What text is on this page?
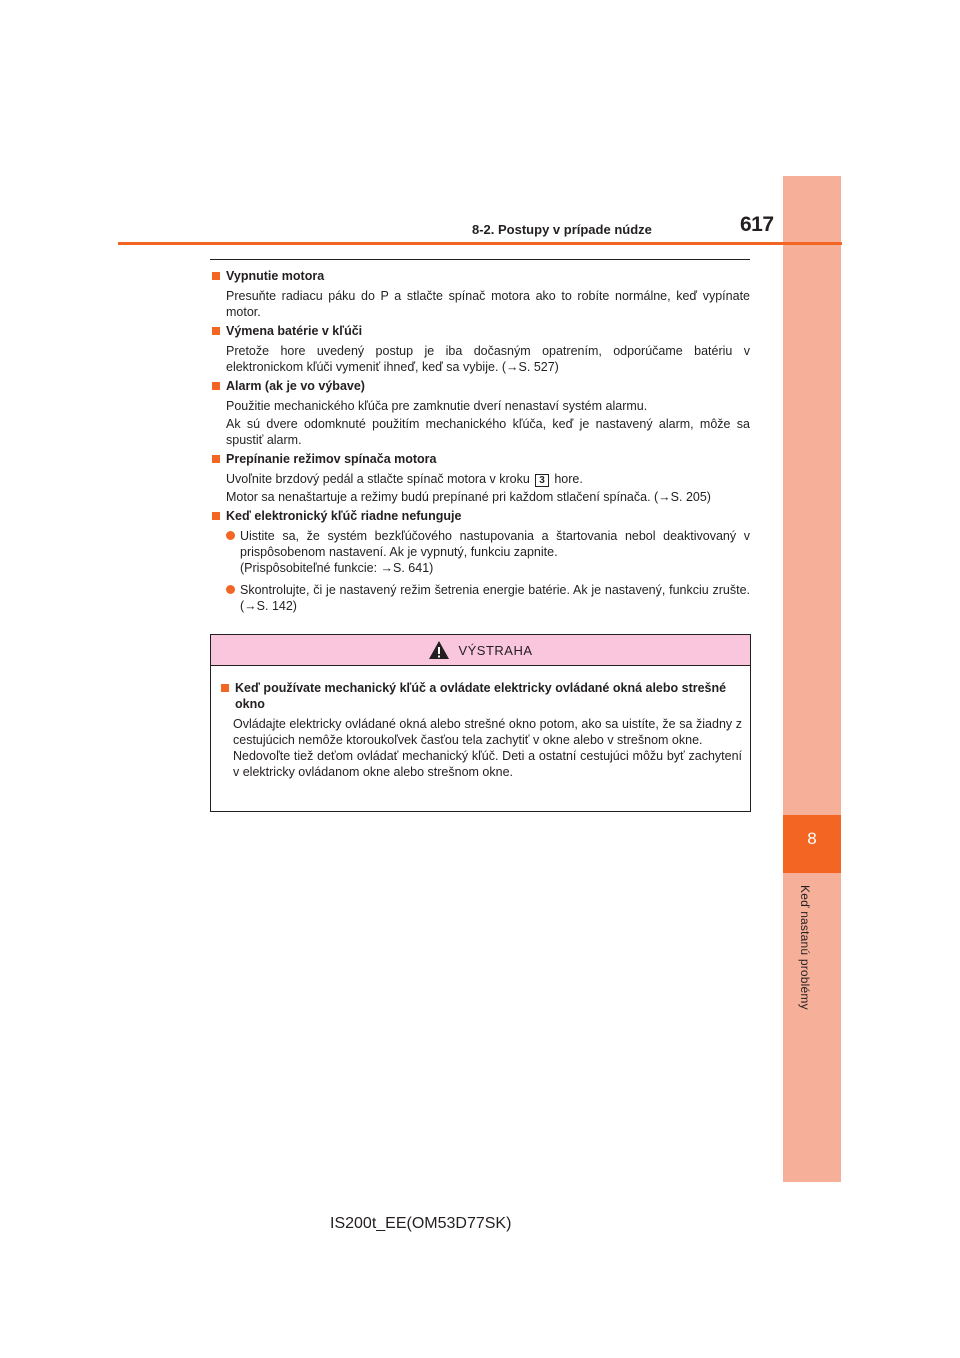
8
Keď nastanú problémy
8-2. Postupy v prípade núdze	617
Vypnutie motora
Presuňte radiacu páku do P a stlačte spínač motora ako to robíte normálne, keď vypínate motor.
Výmena batérie v kľúči
Pretože hore uvedený postup je iba dočasným opatrením, odporúčame batériu v elektronickom kľúči vymeniť ihneď, keď sa vybije. (→S. 527)
Alarm (ak je vo výbave)
Použitie mechanického kľúča pre zamknutie dverí nenastaví systém alarmu.
Ak sú dvere odomknuté použitím mechanického kľúča, keď je nastavený alarm, môže sa spustiť alarm.
Prepínanie režimov spínača motora
Uvoľnite brzdový pedál a stlačte spínač motora v kroku 3 hore.
Motor sa nenaštartuje a režimy budú prepínané pri každom stlačení spínača. (→S. 205)
Keď elektronický kľúč riadne nefunguje
Uistite sa, že systém bezkľúčového nastupovania a štartovania nebol deaktivovaný v prispôsobenom nastavení. Ak je vypnutý, funkciu zapnite.
(Prispôsobiteľné funkcie: →S. 641)
Skontrolujte, či je nastavený režim šetrenia energie batérie. Ak je nastavený, funkciu zrušte. (→S. 142)
VÝSTRAHA
Keď používate mechanický kľúč a ovládate elektricky ovládané okná alebo strešné okno
Ovládajte elektricky ovládané okná alebo strešné okno potom, ako sa uistíte, že sa žiadny z cestujúcich nemôže ktoroukoľvek časťou tela zachytiť v okne alebo v strešnom okne.
Nedovoľte tiež deťom ovládať mechanický kľúč. Deti a ostatní cestujúci môžu byť zachytení v elektricky ovládanom okne alebo strešnom okne.
IS200t_EE(OM53D77SK)
